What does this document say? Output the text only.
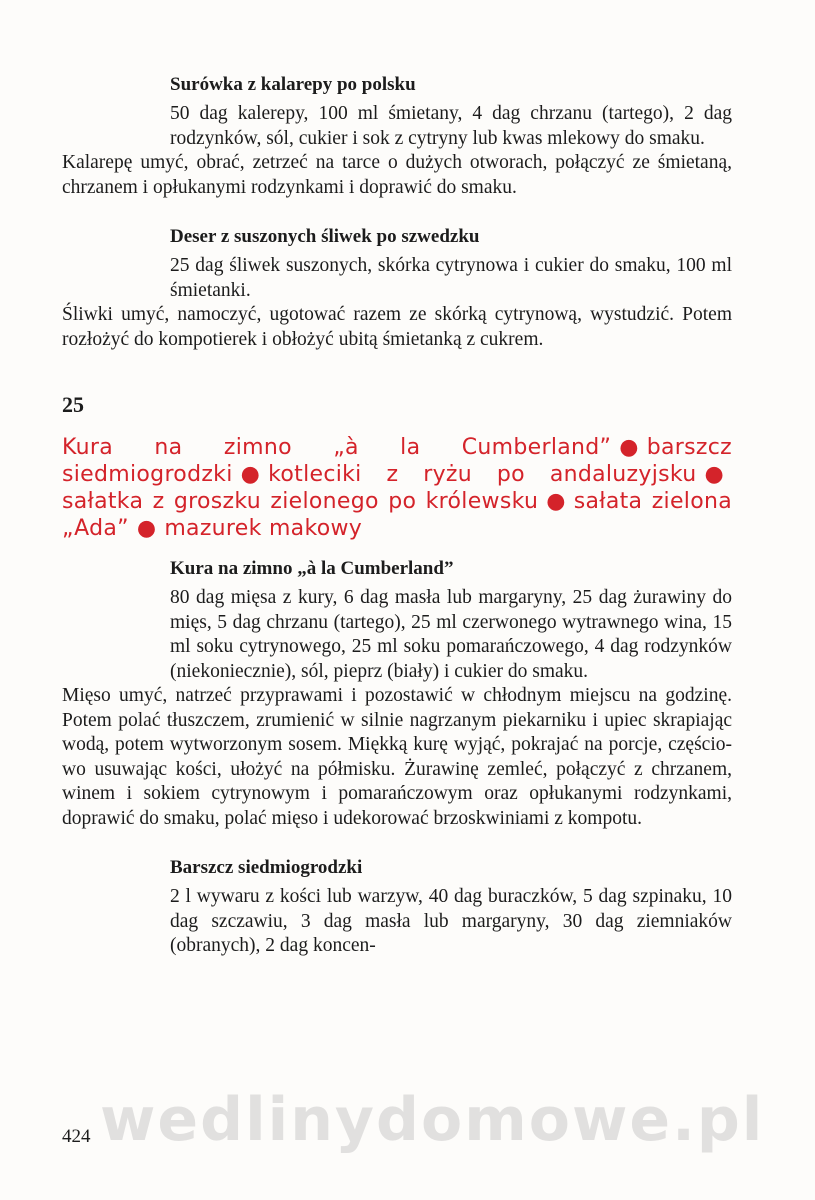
Surówka z kalarepy po polsku

50 dag kalerepy, 100 ml śmietany, 4 dag chrzanu (tartego), 2 dag rodzynków, sól, cukier i sok z cytryny lub kwas mlekowy do smaku.

Kalarepę umyć, obrać, zetrzeć na tarce o dużych otworach, połączyć ze śmietaną, chrzanem i opłukanymi rodzynkami i doprawić do smaku.

Deser z suszonych śliwek po szwedzku

25 dag śliwek suszonych, skórka cytrynowa i cukier do smaku, 100 ml śmietanki.

Śliwki umyć, namoczyć, ugotować razem ze skórką cytrynową, wystudzić. Potem rozłożyć do kompotierek i obłożyć ubitą śmietanką z cukrem.

25

Kura na zimno „à la Cumberland” ● barszcz siedmiogrodzki ● kotleciki z ryżu po andaluzyjsku ●sałatka z groszku zielonego po królewsku ● sałata zielona „Ada” ● mazurek makowy

Kura na zimno „à la Cumberland”

80 dag mięsa z kury, 6 dag masła lub margaryny, 25 dag żurawiny do mięs, 5 dag chrzanu (tartego), 25 ml czerwonego wytrawnego wina, 15 ml soku cytrynowego, 25 ml soku pomarańczowego, 4 dag rodzynków (niekoniecznie), sól, pieprz (biały) i cukier do smaku.

Mięso umyć, natrzeć przyprawami i pozostawić w chłodnym miejscu na godzinę. Potem polać tłuszczem, zrumienić w silnie nagrzanym piekarniku i upiec skrapiając wodą, potem wytworzonym sosem. Miękką kurę wyjąć, pokrajać na porcje, częściowo usuwając kości, ułożyć na półmisku. Żurawinę zemleć, połączyć z chrzanem, winem i sokiem cytrynowym i pomarańczowym oraz opłukanymi rodzynkami, doprawić do smaku, polać mięso i udekorować brzoskwiniami z kompotu.

Barszcz siedmiogrodzki

2 l wywaru z kości lub warzyw, 40 dag buraczków, 5 dag szpinaku, 10 dag szczawiu, 3 dag masła lub margaryny, 30 dag ziemniaków (obranych), 2 dag koncen-

wedlinydomowe.pl
424
